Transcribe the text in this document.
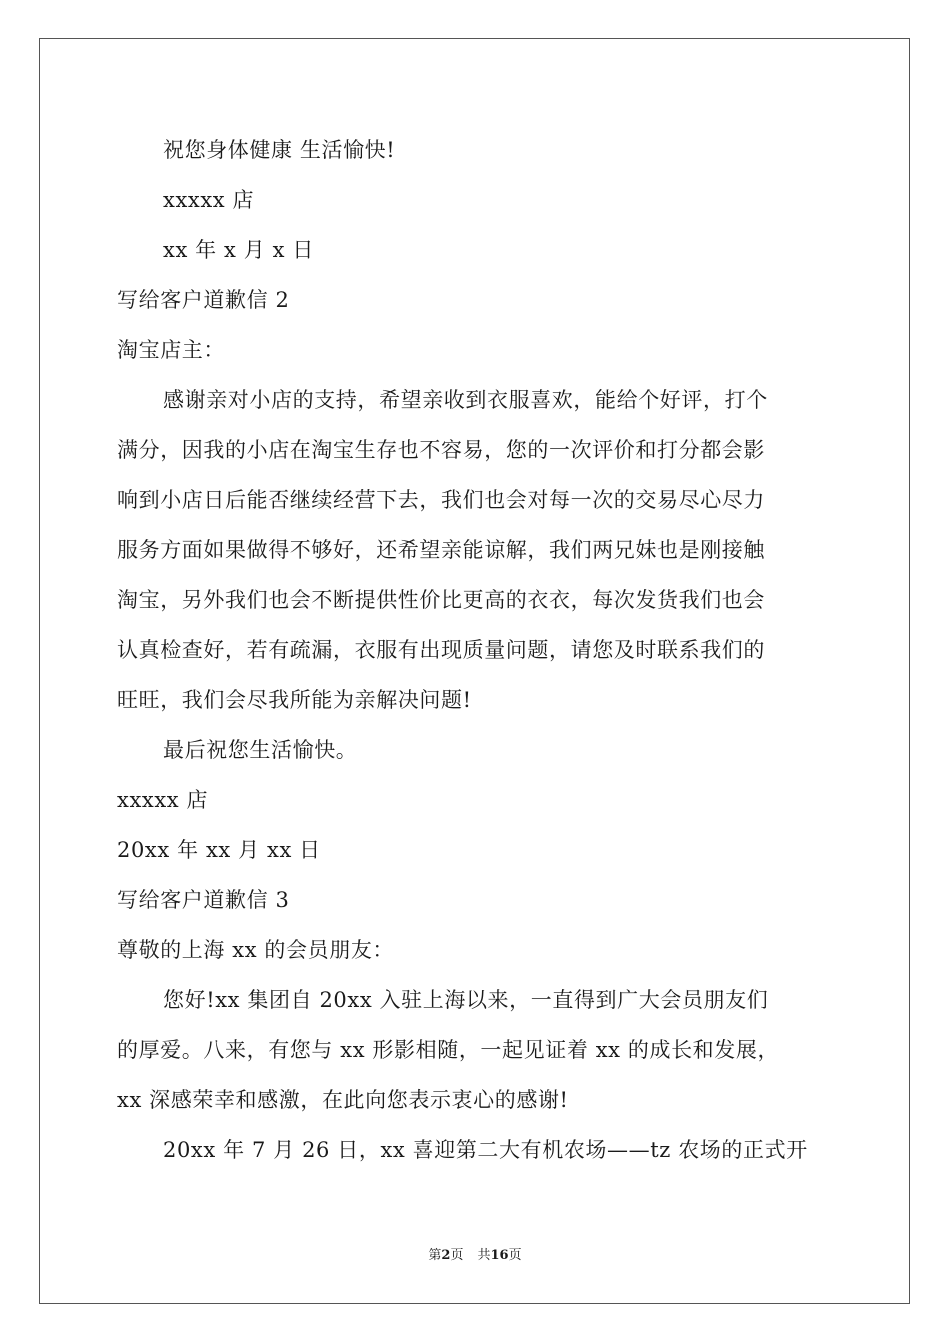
祝您身体健康 生活愉快!
xxxxx 店
xx 年 x 月 x 日
写给客户道歉信 2
淘宝店主：
感谢亲对小店的支持，希望亲收到衣服喜欢，能给个好评，打个
满分，因我的小店在淘宝生存也不容易，您的一次评价和打分都会影
响到小店日后能否继续经营下去，我们也会对每一次的交易尽心尽力
服务方面如果做得不够好，还希望亲能谅解，我们两兄妹也是刚接触
淘宝，另外我们也会不断提供性价比更高的衣衣，每次发货我们也会
认真检查好，若有疏漏，衣服有出现质量问题，请您及时联系我们的
旺旺，我们会尽我所能为亲解决问题!
最后祝您生活愉快。
xxxxx 店
20xx 年 xx 月 xx 日
写给客户道歉信 3
尊敬的上海 xx 的会员朋友：
您好!xx 集团自 20xx 入驻上海以来，一直得到广大会员朋友们
的厚爱。八来，有您与 xx 形影相随，一起见证着 xx 的成长和发展，
xx 深感荣幸和感激，在此向您表示衷心的感谢!
20xx 年 7 月 26 日，xx 喜迎第二大有机农场——tz 农场的正式开
第2页 共16页
